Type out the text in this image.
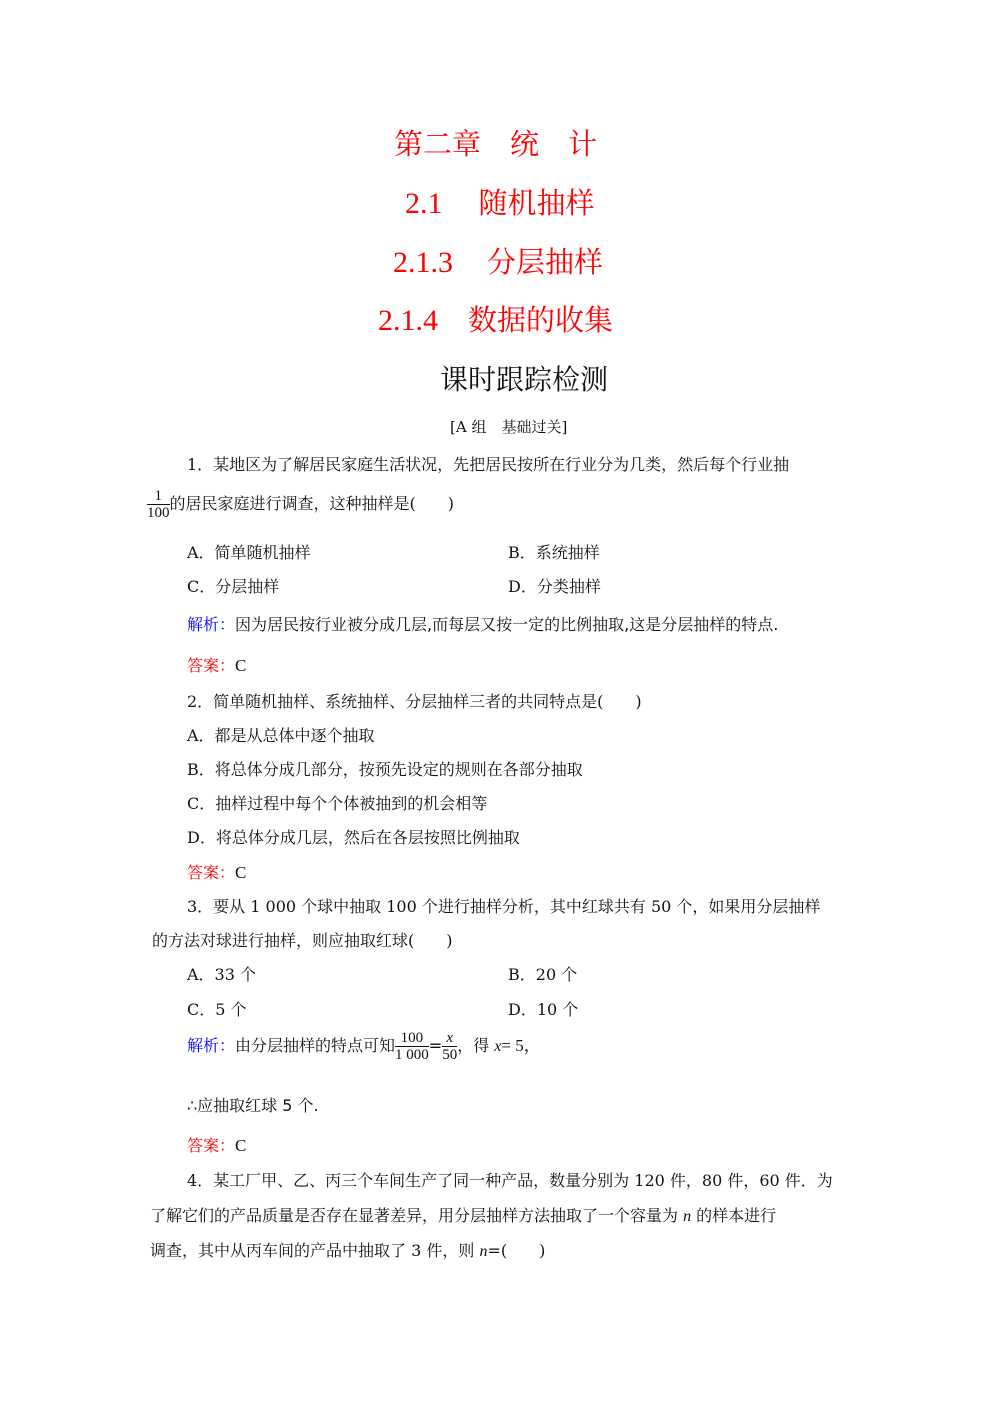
第二章　统　计
2.1 随机抽样
2.1.3 分层抽样
2.1.4 数据的收集
课时跟踪检测
[A 组　基础过关]
1．某地区为了解居民家庭生活状况，先把居民按所在行业分为几类，然后每个行业抽
$\frac{1}{100}$ 的居民家庭进行调查，这种抽样是(　　)
A．简单随机抽样	B．系统抽样
C．分层抽样	D．分类抽样
解析：因为居民按行业被分成几层,而每层又按一定的比例抽取,这是分层抽样的特点.
答案：C
2．简单随机抽样、系统抽样、分层抽样三者的共同特点是(　　)
A．都是从总体中逐个抽取
B．将总体分成几部分，按预先设定的规则在各部分抽取
C．抽样过程中每个个体被抽到的机会相等
D．将总体分成几层，然后在各层按照比例抽取
答案：C
3．要从 1 000 个球中抽取 100 个进行抽样分析，其中红球共有 50 个，如果用分层抽样
的方法对球进行抽样，则应抽取红球(　　)
A．33 个	B．20 个
C．5 个	D．10 个
解析：由分层抽样的特点可知 $\frac{100}{1 000} = \frac{x}{50}$ ，得 x= 5，
∴应抽取红球 5 个.
答案：C
4．某工厂甲、乙、丙三个车间生产了同一种产品，数量分别为 120 件，80 件，60 件．为
了解它们的产品质量是否存在显著差异，用分层抽样方法抽取了一个容量为 n 的样本进行
调查，其中从丙车间的产品中抽取了 3 件，则 n=(　　)
